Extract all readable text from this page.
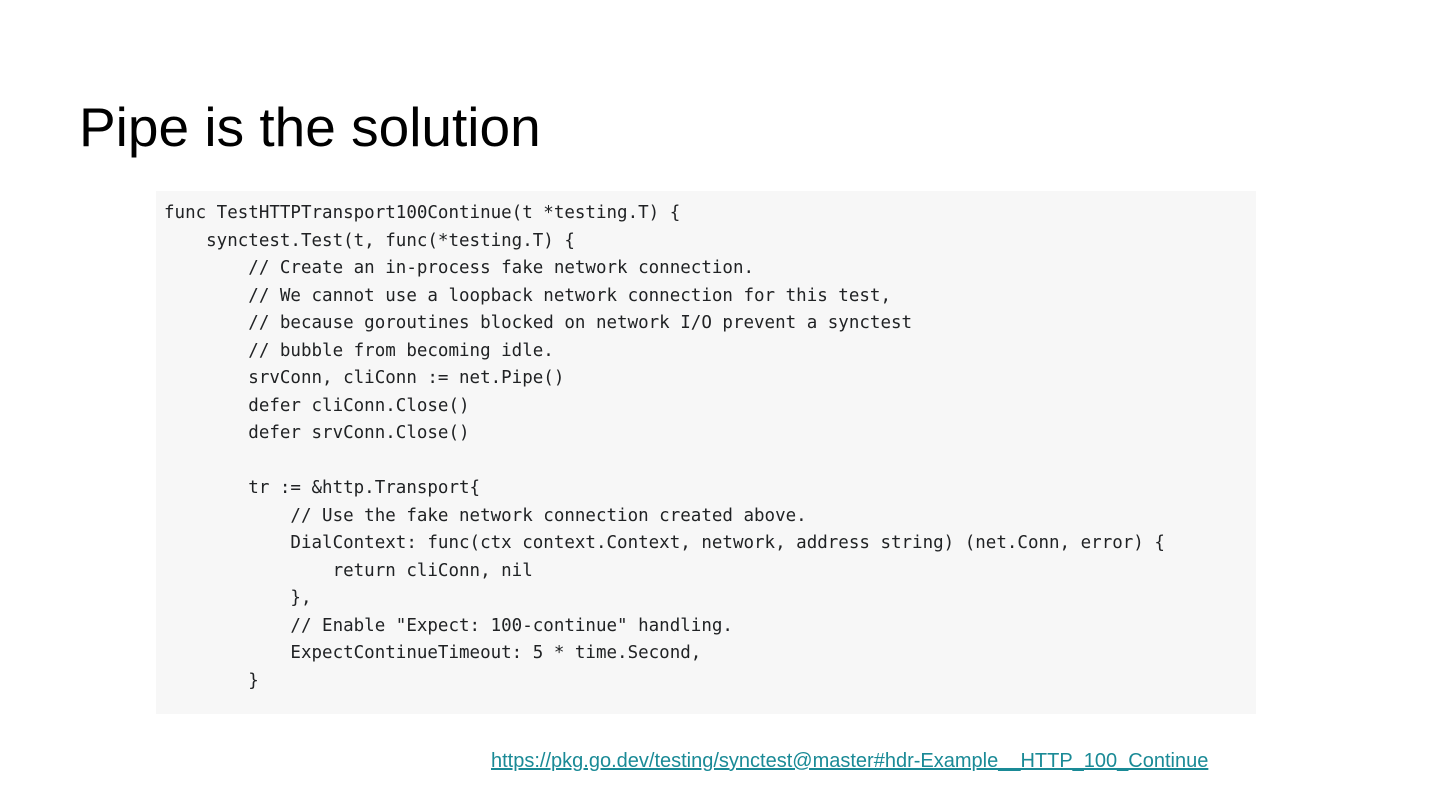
Pipe is the solution
func TestHTTPTransport100Continue(t *testing.T) {
synctest.Test(t, func(*testing.T) {
// Create an in-process fake network connection.
// We cannot use a loopback network connection for this test,
// because goroutines blocked on network I/O prevent a synctest
// bubble from becoming idle.
srvConn, cliConn := net.Pipe()
defer cliConn.Close()
defer srvConn.Close()
tr := &http.Transport{
// Use the fake network connection created above.
DialContext: func(ctx context.Context, network, address string) (net.Conn, error) {
return cliConn, nil
},
// Enable "Expect: 100-continue" handling.
ExpectContinueTimeout: 5 * time.Second,
}
https://pkg.go.dev/testing/synctest@master#hdr-Example__HTTP_100_Continue
